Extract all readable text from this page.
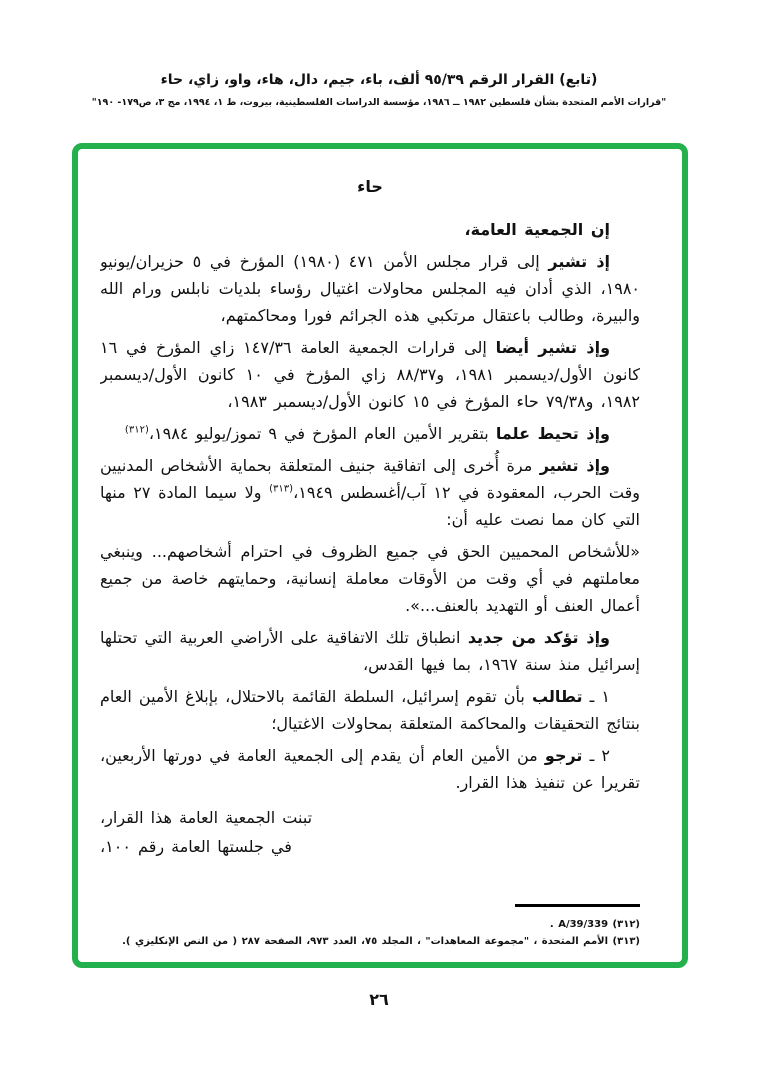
(تابع) القرار الرقم ٩٥/٣٩ ألف، باء، جيم، دال، هاء، واو، زاي، حاء
"قرارات الأمم المتحدة بشأن فلسطين ١٩٨٢ ــ ١٩٨٦، مؤسسة الدراسات الفلسطينية، بيروت، ط ١، ١٩٩٤، مج ٣، ص١٧٩- ١٩٠"
حاء

إن الجمعية العامة،

إذ تشير إلى قرار مجلس الأمن ٤٧١ (١٩٨٠) المؤرخ في ٥ حزيران/يونيو ١٩٨٠، الذي أدان فيه المجلس محاولات اغتيال رؤساء بلديات نابلس ورام الله والبيرة، وطالب باعتقال مرتكبي هذه الجرائم فورا ومحاكمتهم،

وإذ تشير أيضا إلى قرارات الجمعية العامة ١٤٧/٣٦ زاي المؤرخ في ١٦ كانون الأول/ديسمبر ١٩٨١، و٨٨/٣٧ زاي المؤرخ في ١٠ كانون الأول/ديسمبر ١٩٨٢، و٧٩/٣٨ حاء المؤرخ في ١٥ كانون الأول/ديسمبر ١٩٨٣،

وإذ تحيط علما بتقرير الأمين العام المؤرخ في ٩ تموز/يوليو ١٩٨٤،$^{(٣١٢)}$

وإذ تشير مرة أُخرى إلى اتفاقية جنيف المتعلقة بحماية الأشخاص المدنيين وقت الحرب، المعقودة في ١٢ آب/أغسطس ١٩٤٩،$^{(٣١٣)}$ ولا سيما المادة ٢٧ منها التي كان مما نصت عليه أن:

«للأشخاص المحميين الحق في جميع الظروف في احترام أشخاصهم... وينبغي معاملتهم في أي وقت من الأوقات معاملة إنسانية، وحمايتهم خاصة من جميع أعمال العنف أو التهديد بالعنف...».

وإذ تؤكد من جديد انطباق تلك الاتفاقية على الأراضي العربية التي تحتلها إسرائيل منذ سنة ١٩٦٧، بما فيها القدس،

١ ـ تطالب بأن تقوم إسرائيل، السلطة القائمة بالاحتلال، بإبلاغ الأمين العام بنتائج التحقيقات والمحاكمة المتعلقة بمحاولات الاغتيال؛

٢ ـ ترجو من الأمين العام أن يقدم إلى الجمعية العامة في دورتها الأربعين، تقريرا عن تنفيذ هذا القرار.

تبنت الجمعية العامة هذا القرار،

في جلستها العامة رقم ١٠٠،

(٣١٢) A/39/339 .
(٣١٣) الأمم المتحدة ، "مجموعة المعاهدات" ، المجلد ٧٥، العدد ٩٧٣، الصفحة ٢٨٧ ( من النص الإنكليزي ).
٢٦
